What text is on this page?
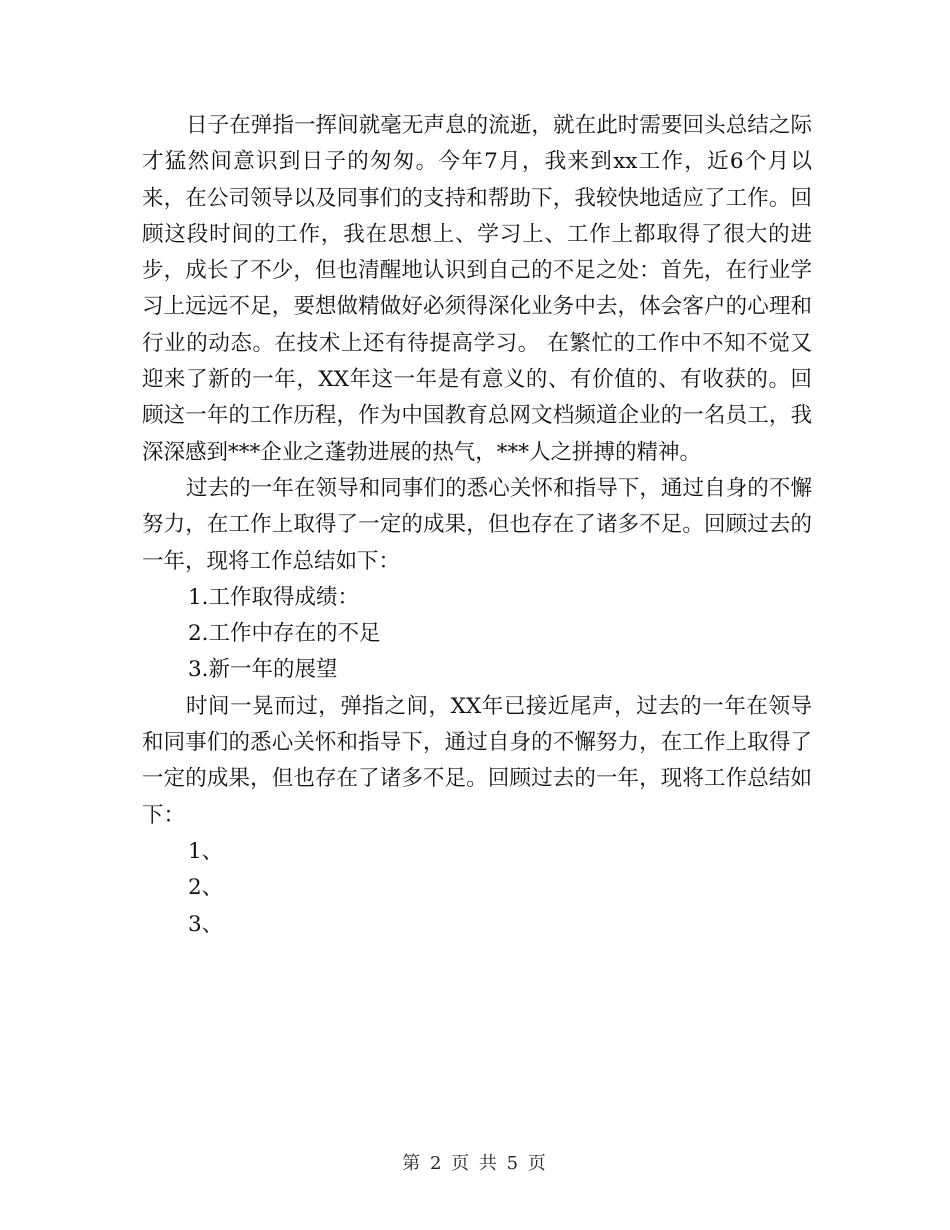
日子在弹指一挥间就毫无声息的流逝，就在此时需要回头总结之际才猛然间意识到日子的匆匆。今年7月，我来到xx工作，近6个月以来，在公司领导以及同事们的支持和帮助下，我较快地适应了工作。回顾这段时间的工作，我在思想上、学习上、工作上都取得了很大的进步，成长了不少，但也清醒地认识到自己的不足之处：首先，在行业学习上远远不足，要想做精做好必须得深化业务中去，体会客户的心理和行业的动态。在技术上还有待提高学习。 在繁忙的工作中不知不觉又迎来了新的一年，XX年这一年是有意义的、有价值的、有收获的。回顾这一年的工作历程，作为中国教育总网文档频道企业的一名员工，我深深感到***企业之蓬勃进展的热气，***人之拼搏的精神。

过去的一年在领导和同事们的悉心关怀和指导下，通过自身的不懈努力，在工作上取得了一定的成果，但也存在了诸多不足。回顾过去的一年，现将工作总结如下：

1.工作取得成绩：

2.工作中存在的不足

3.新一年的展望

时间一晃而过，弹指之间，XX年已接近尾声，过去的一年在领导和同事们的悉心关怀和指导下，通过自身的不懈努力，在工作上取得了一定的成果，但也存在了诸多不足。回顾过去的一年，现将工作总结如下：

1、

2、

3、

第 2 页 共 5 页
